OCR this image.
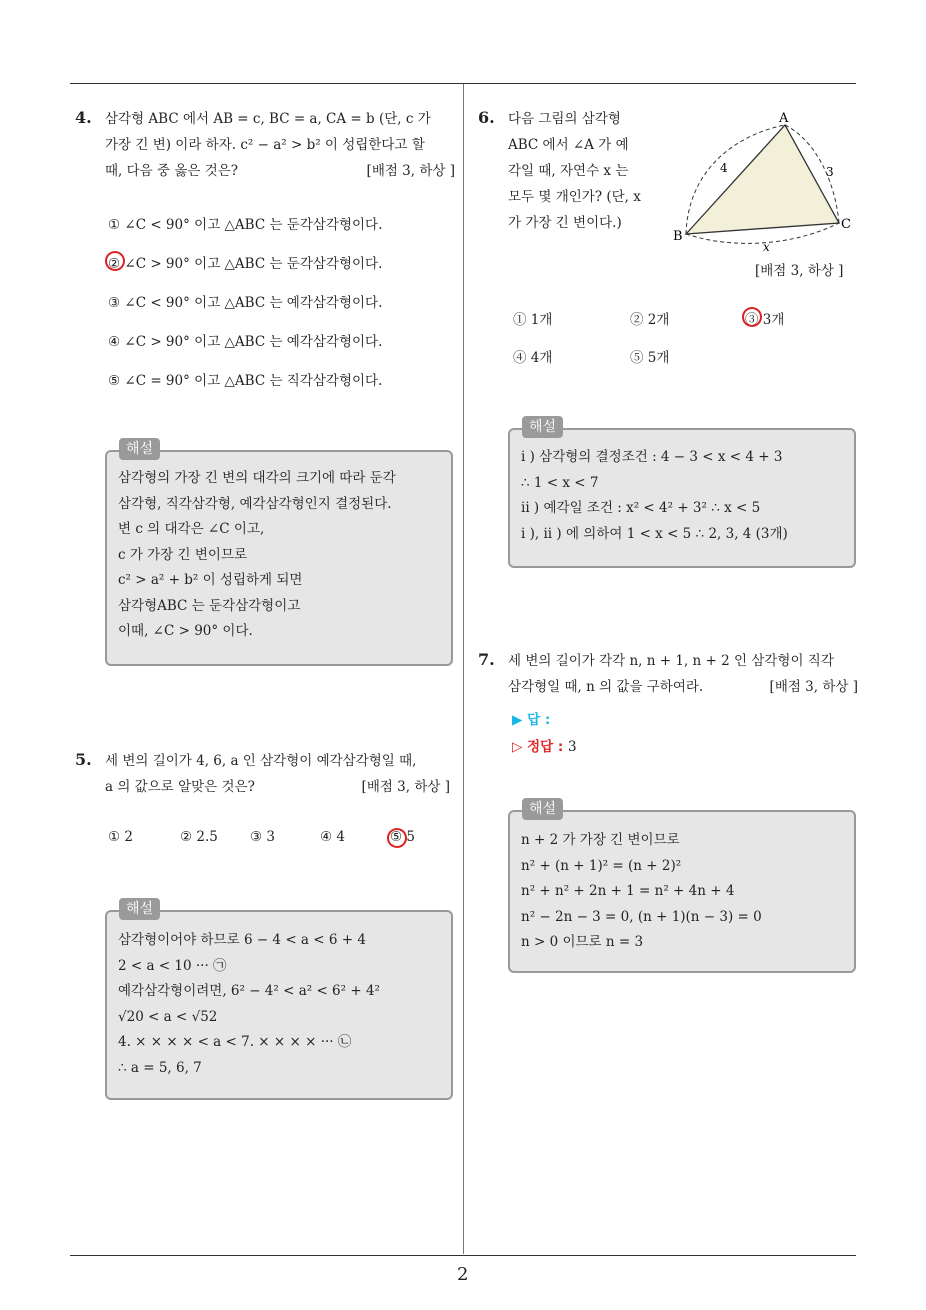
2
4. 삼각형 ABC 에서 AB = c, BC = a, CA = b (단, c 가
가장 긴 변) 이라 하자. c² − a² > b² 이 성립한다고 할
때, 다음 중 옳은 것은?	[배점 3, 하상 ]
① ∠C < 90° 이고 △ABC 는 둔각삼각형이다.
② ∠C > 90° 이고 △ABC 는 둔각삼각형이다.
③ ∠C < 90° 이고 △ABC 는 예각삼각형이다.
④ ∠C > 90° 이고 △ABC 는 예각삼각형이다.
⑤ ∠C = 90° 이고 △ABC 는 직각삼각형이다.
해설
삼각형의 가장 긴 변의 대각의 크기에 따라 둔각
삼각형, 직각삼각형, 예각삼각형인지 결정된다.
변 c 의 대각은 ∠C 이고,
c 가 가장 긴 변이므로
c² > a² + b² 이 성립하게 되면
삼각형ABC 는 둔각삼각형이고
이때, ∠C > 90° 이다.
5. 세 변의 길이가 4, 6, a 인 삼각형이 예각삼각형일 때,
a 의 값으로 알맞은 것은?	[배점 3, 하상 ]
① 2	② 2.5 ③ 3	④ 4	⑤ 5
해설
삼각형이어야 하므로 6 − 4 < a < 6 + 4
2 < a < 10 ··· ㉠
예각삼각형이려면, 6² − 4² < a² < 6² + 4²
√20 < a < √52
4. × × × × < a < 7. × × × × ··· ㉡
∴ a = 5, 6, 7
6. 다음 그림의 삼각형
ABC 에서 ∠A 가 예
각일 때, 자연수 x 는
모두 몇 개인가? (단, x
가 가장 긴 변이다.)
A
B
C
4	3
x
[배점 3, 하상 ]
① 1개	② 2개	③ 3개
④ 4개	⑤ 5개
해설
i ) 삼각형의 결정조건 : 4 − 3 < x < 4 + 3
∴ 1 < x < 7
ii ) 예각일 조건 : x² < 4² + 3² ∴ x < 5
i ), ii ) 에 의하여 1 < x < 5 ∴ 2, 3, 4 (3개)
7. 세 변의 길이가 각각 n, n + 1, n + 2 인 삼각형이 직각
삼각형일 때, n 의 값을 구하여라.	[배점 3, 하상 ]
▶ 답 :
▷ 정답 : 3
해설
n + 2 가 가장 긴 변이므로
n² + (n + 1)² = (n + 2)²
n² + n² + 2n + 1 = n² + 4n + 4
n² − 2n − 3 = 0, (n + 1)(n − 3) = 0
n > 0 이므로 n = 3
